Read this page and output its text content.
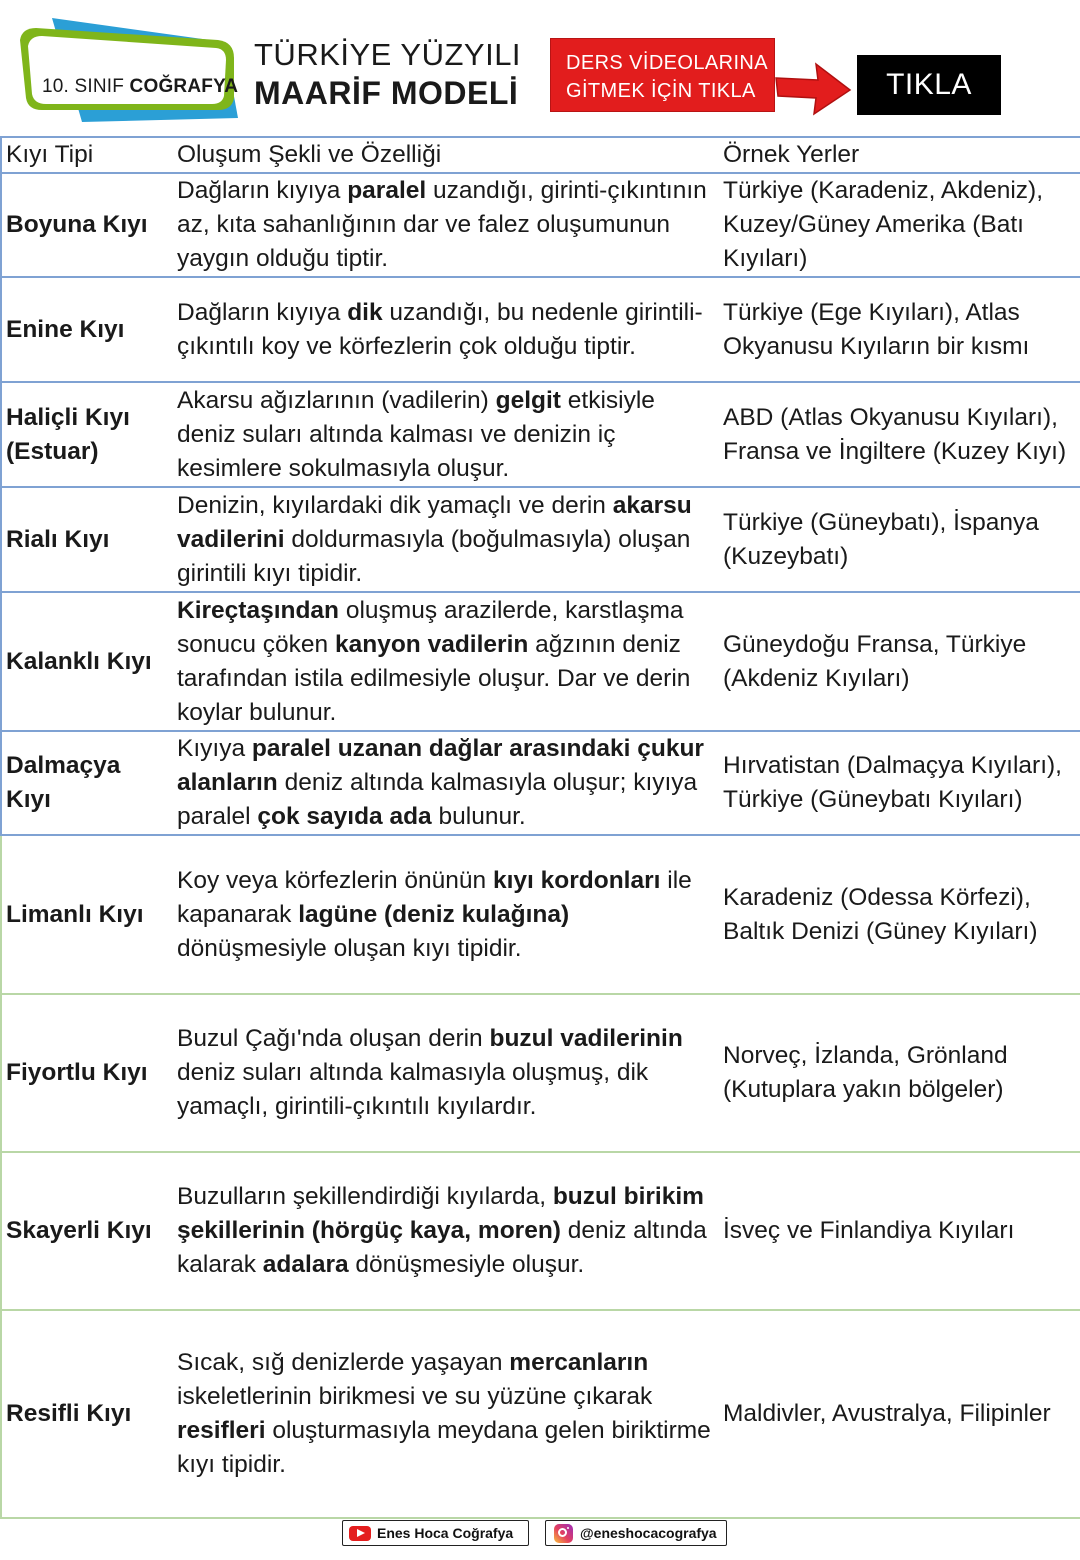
10. SINIF COĞRAFYA
TÜRKİYE YÜZYILI
MAARİF MODELİ
DERS VİDEOLARINA
GİTMEK İÇİN TIKLA	TIKLA
Kıyı Tipi	Oluşum Şekli ve Özelliği	Örnek Yerler
Boyuna Kıyı	Dağların kıyıya paralel uzandığı, girinti-çıkıntının az, kıta sahanlığının dar ve falez oluşumunun yaygın olduğu tiptir.	Türkiye (Karadeniz, Akdeniz), Kuzey/Güney Amerika (Batı Kıyıları)
Enine Kıyı	Dağların kıyıya dik uzandığı, bu nedenle girintili-çıkıntılı koy ve körfezlerin çok olduğu tiptir.	Türkiye (Ege Kıyıları), Atlas Okyanusu Kıyıların bir kısmı
Haliçli Kıyı (Estuar)	Akarsu ağızlarının (vadilerin) gelgit etkisiyle deniz suları altında kalması ve denizin iç kesimlere sokulmasıyla oluşur.	ABD (Atlas Okyanusu Kıyıları), Fransa ve İngiltere (Kuzey Kıyı)
Rialı Kıyı	Denizin, kıyılardaki dik yamaçlı ve derin akarsu vadilerini doldurmasıyla (boğulmasıyla) oluşan girintili kıyı tipidir.	Türkiye (Güneybatı), İspanya (Kuzeybatı)
Kalanklı Kıyı	Kireçtaşından oluşmuş arazilerde, karstlaşma sonucu çöken kanyon vadilerin ağzının deniz tarafından istila edilmesiyle oluşur. Dar ve derin koylar bulunur.	Güneydoğu Fransa, Türkiye (Akdeniz Kıyıları)
Dalmaçya Kıyı	Kıyıya paralel uzanan dağlar arasındaki çukur alanların deniz altında kalmasıyla oluşur; kıyıya paralel çok sayıda ada bulunur.	Hırvatistan (Dalmaçya Kıyıları), Türkiye (Güneybatı Kıyıları)
Limanlı Kıyı	Koy veya körfezlerin önünün kıyı kordonları ile kapanarak lagüne (deniz kulağına) dönüşmesiyle oluşan kıyı tipidir.	Karadeniz (Odessa Körfezi), Baltık Denizi (Güney Kıyıları)
Fiyortlu Kıyı	Buzul Çağı'nda oluşan derin buzul vadilerinin deniz suları altında kalmasıyla oluşmuş, dik yamaçlı, girintili-çıkıntılı kıyılardır.	Norveç, İzlanda, Grönland (Kutuplara yakın bölgeler)
Skayerli Kıyı	Buzulların şekillendirdiği kıyılarda, buzul birikim şekillerinin (hörgüç kaya, moren) deniz altında kalarak adalara dönüşmesiyle oluşur.	İsveç ve Finlandiya Kıyıları
Resifli Kıyı	Sıcak, sığ denizlerde yaşayan mercanların iskeletlerinin birikmesi ve su yüzüne çıkarak resifleri oluşturmasıyla meydana gelen biriktirme kıyı tipidir.	Maldivler, Avustralya, Filipinler
Enes Hoca Coğrafya	@eneshocacografya
